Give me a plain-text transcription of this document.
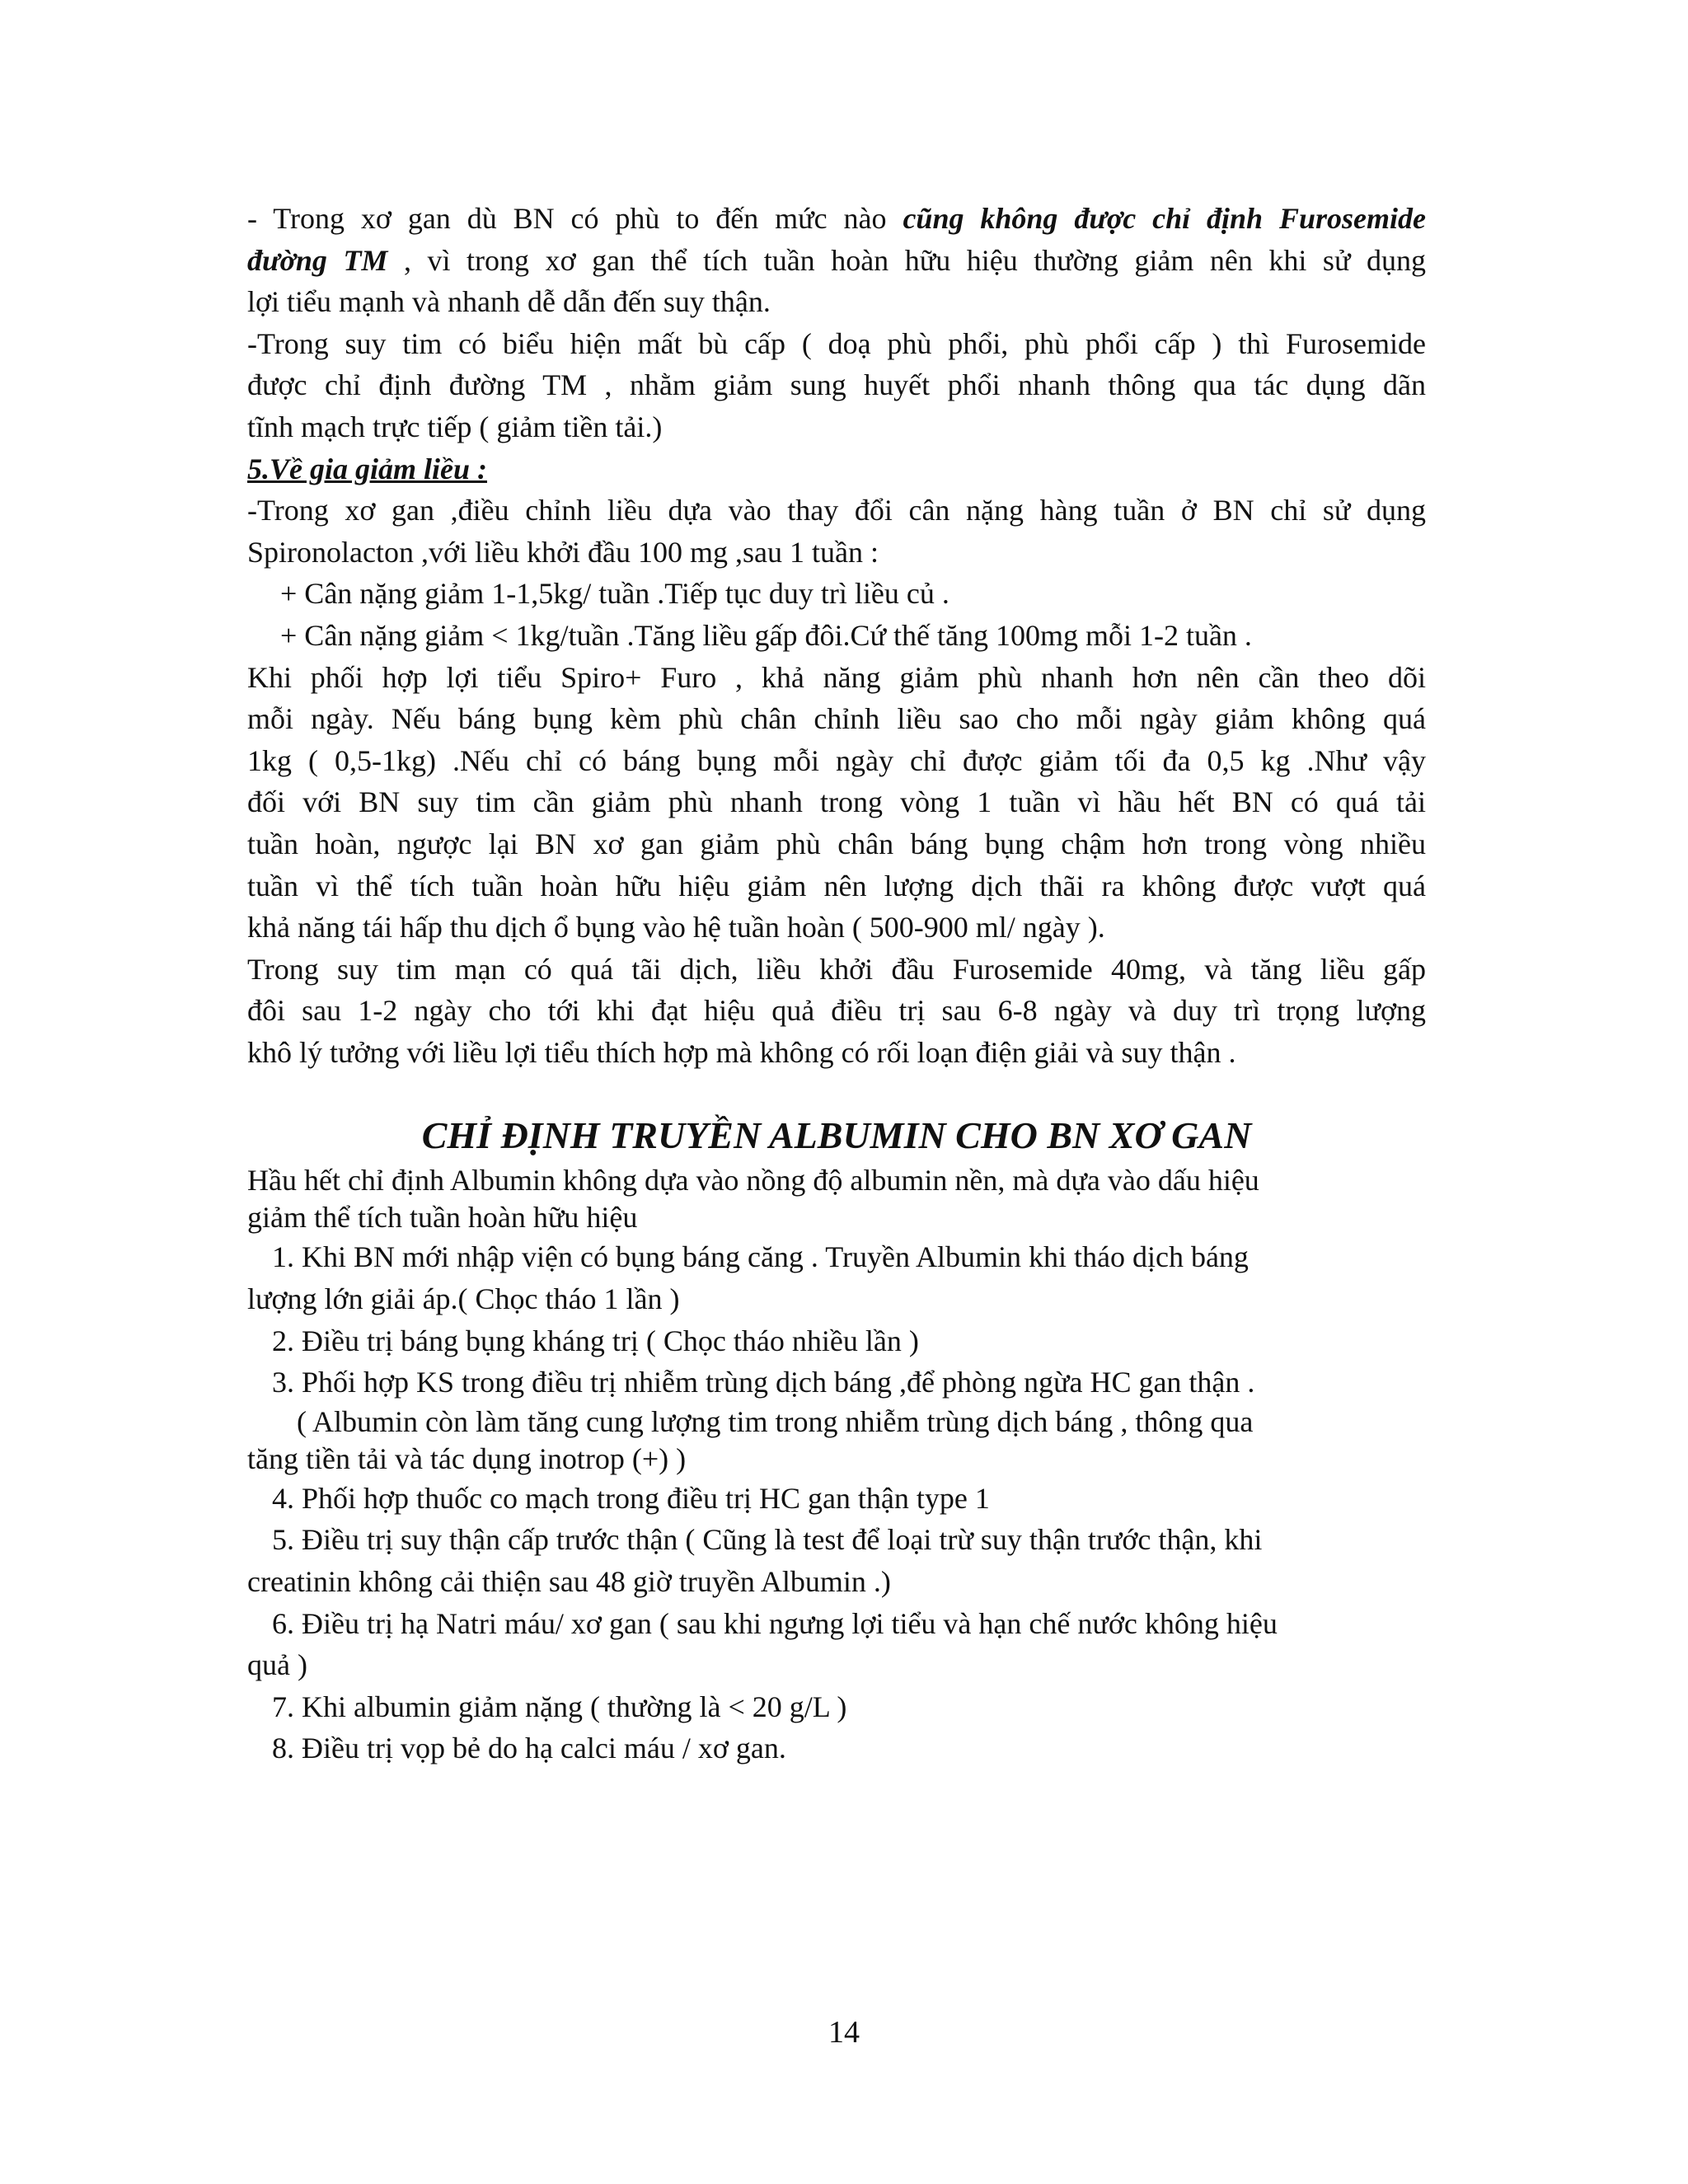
- Trong xơ gan dù BN có phù to đến mức nào cũng không được chỉ định Furosemide

đường TM , vì trong xơ gan thể tích tuần hoàn hữu hiệu thường giảm nên khi sử dụng

lợi tiểu mạnh và nhanh dễ dẫn đến suy thận.

-Trong suy tim có biểu hiện mất bù cấp ( doạ phù phổi, phù phổi cấp ) thì Furosemide

được chỉ định đường TM , nhằm giảm sung huyết phổi nhanh thông qua tác dụng dãn

tĩnh mạch trực tiếp ( giảm tiền tải.)

5.Về gia giảm liều :

-Trong xơ gan ,điều chỉnh liều dựa vào thay đổi cân nặng hàng tuần ở BN chỉ sử dụng

Spironolacton ,với liều khởi đầu 100 mg ,sau 1 tuần :

+ Cân nặng giảm 1-1,5kg/ tuần .Tiếp tục duy trì liều củ .

+ Cân nặng giảm < 1kg/tuần .Tăng liều gấp đôi.Cứ thế tăng 100mg mỗi 1-2 tuần .

Khi phối hợp lợi tiểu Spiro+ Furo , khả năng giảm phù nhanh hơn nên cần theo dõi

mỗi ngày. Nếu báng bụng kèm phù chân chỉnh liều sao cho mỗi ngày giảm không quá

1kg ( 0,5-1kg) .Nếu chỉ có báng bụng mỗi ngày chỉ được giảm tối đa 0,5 kg .Như vậy

đối với BN suy tim cần giảm phù nhanh trong vòng 1 tuần vì hầu hết BN có quá tải

tuần hoàn, ngược lại BN xơ gan giảm phù chân báng bụng chậm hơn trong vòng nhiều

tuần vì thể tích tuần hoàn hữu hiệu giảm nên lượng dịch thãi ra không được vượt quá

khả năng tái hấp thu dịch ổ bụng vào hệ tuần hoàn ( 500-900 ml/ ngày ).

Trong suy tim mạn có quá tãi dịch, liều khởi đầu Furosemide 40mg, và tăng liều gấp

đôi sau 1-2 ngày cho tới khi đạt hiệu quả điều trị sau 6-8 ngày và duy trì trọng lượng

khô lý tưởng với liều lợi tiểu thích hợp mà không có rối loạn điện giải và suy thận .

CHỈ ĐỊNH TRUYỀN ALBUMIN CHO BN XƠ GAN

Hầu hết chỉ định Albumin không dựa vào nồng độ albumin nền, mà dựa vào dấu hiệu

giảm thể tích tuần hoàn hữu hiệu

1. Khi BN mới nhập viện có bụng báng căng . Truyền Albumin khi tháo dịch báng

lượng lớn giải áp.( Chọc tháo 1 lần )

2. Điều trị báng bụng kháng trị ( Chọc tháo nhiều lần )

3. Phối hợp KS trong điều trị nhiễm trùng dịch báng ,để phòng ngừa HC gan thận .

( Albumin còn làm tăng cung lượng tim trong nhiễm trùng dịch báng , thông qua

tăng tiền tải và tác dụng inotrop (+) )

4. Phối hợp thuốc co mạch trong điều trị HC gan thận type 1

5. Điều trị suy thận cấp trước thận ( Cũng là test để loại trừ suy thận trước thận, khi

creatinin không cải thiện sau 48 giờ truyền Albumin .)

6. Điều trị hạ Natri máu/ xơ gan ( sau khi ngưng lợi tiểu và hạn chế nước không hiệu

quả )

7. Khi albumin giảm nặng ( thường là < 20 g/L )

8. Điều trị vọp bẻ do hạ calci máu / xơ gan.

14
